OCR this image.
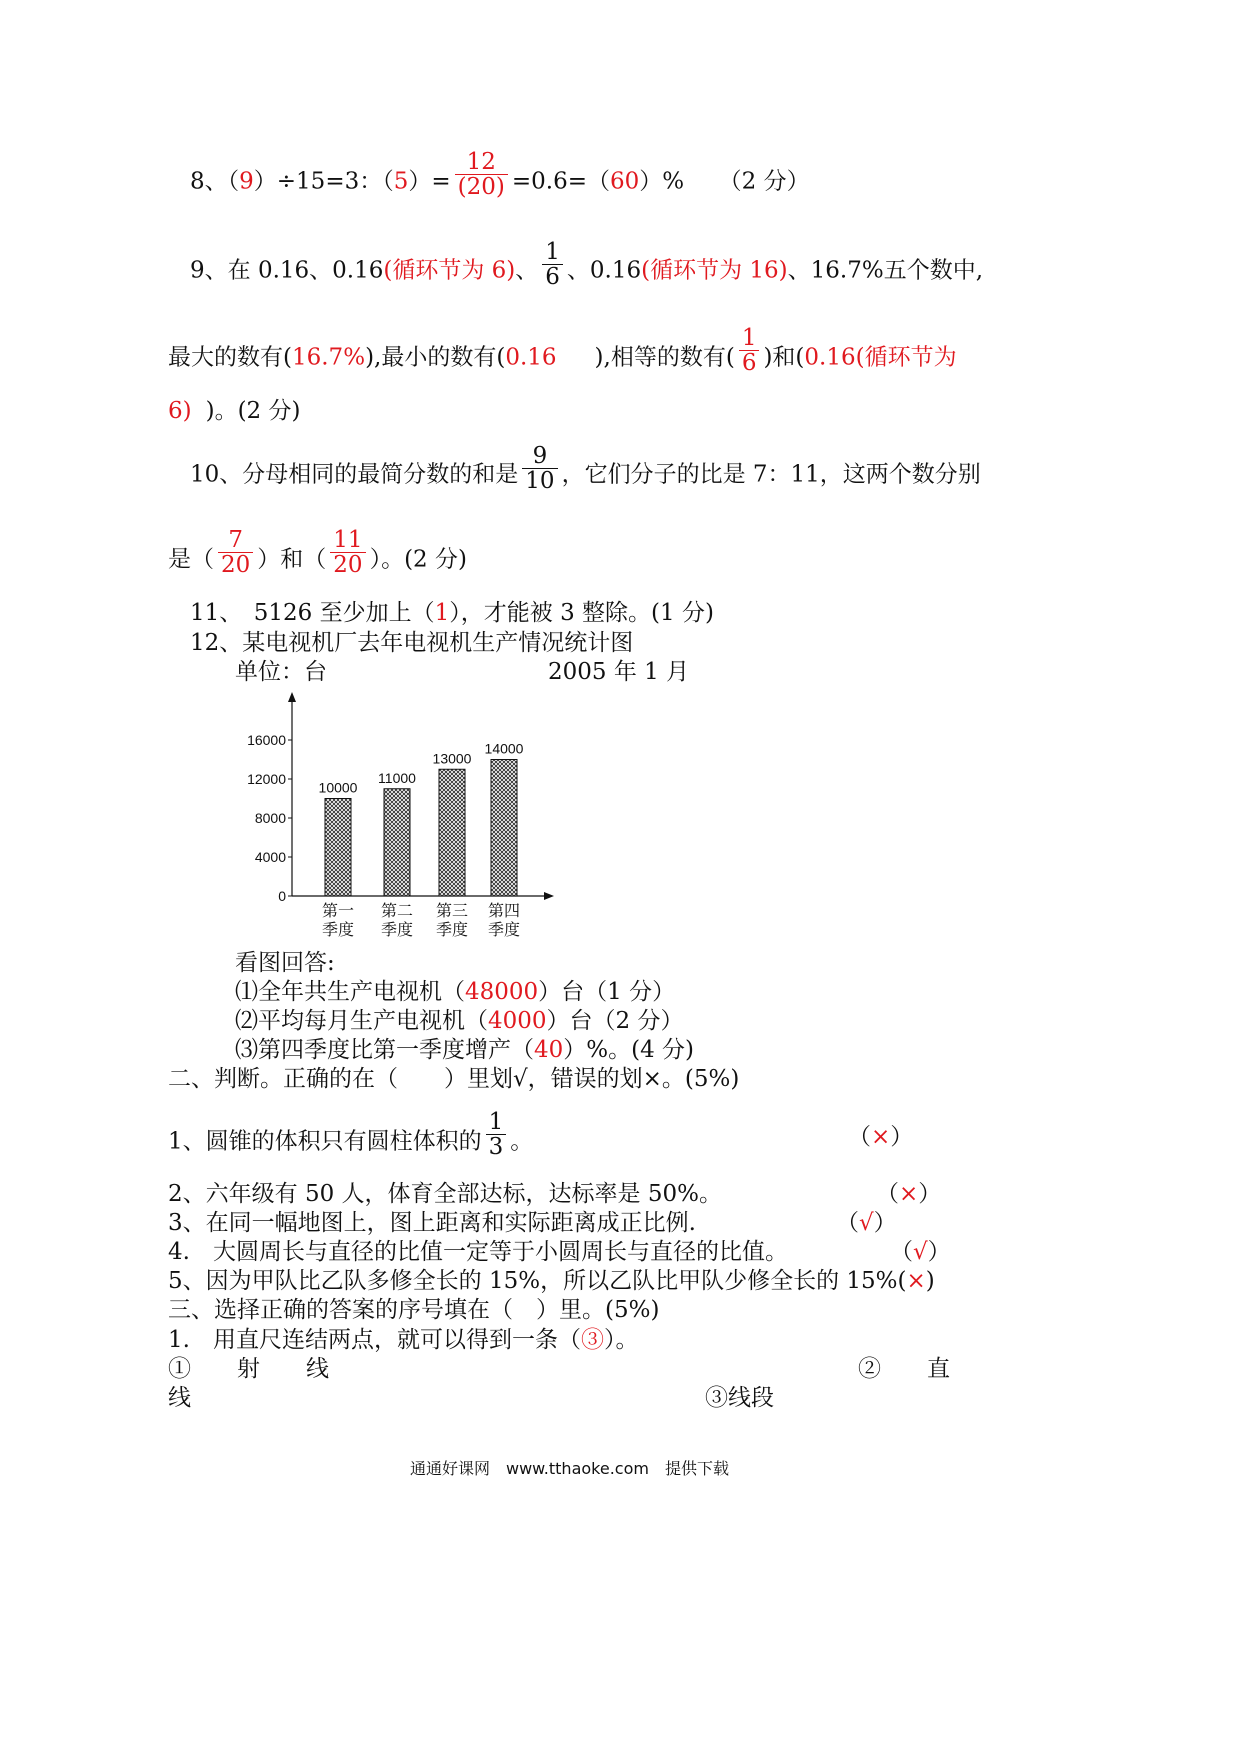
8、（9）÷15=3：$(5)= \frac{12}{(20)} =0.6=(60)\%$　　（2 分）
9、在 0.16、0.16(循环节为 6)、 $\frac{1}{6}$ 、0.16(循环节为 16)、16.7%五个数中,
最大的数有(16.7%),最小的数有(0.16 ),相等的数有( $\frac{1}{6}$ )和(0.16(循环节为
6) )。(2 分)
10、分母相同的最简分数的和是 $\frac{9}{10}$ ，它们分子的比是 7：11，这两个数分别
是（ $\frac{7}{20}$ ）和（ $\frac{11}{20}$ ）。(2 分)
11、　5126 至少加上（1），才能被 3 整除。(1 分)
12、某电视机厂去年电视机生产情况统计图
单位：台	2005 年 1 月
0
4000
8000
12000
16000
10000
第一
季度
11000
第二
季度
13000
第三
季度
14000
第四
季度
看图回答:
⑴全年共生产电视机（48000）台（1 分）
⑵平均每月生产电视机（4000）台（2 分）
⑶第四季度比第一季度增产（40）%。(4 分)
二、判断。正确的在（　　）里划√，错误的划×。(5%)
1、圆锥的体积只有圆柱体积的 $\frac{1}{3}$ 。	（×）
2、六年级有 50 人，体育全部达标，达标率是 50%。	（×）
3、在同一幅地图上，图上距离和实际距离成正比例.	（√）
4.　大圆周长与直径的比值一定等于小圆周长与直径的比值。	（√）
5、因为甲队比乙队多修全长的 15%，所以乙队比甲队少修全长的 15%(×)
三、选择正确的答案的序号填在（　）里。(5%)
1.　用直尺连结两点，就可以得到一条（③）。
①　　射　　线	②　　直
线	③线段
通通好课网　www.tthaoke.com　提供下载
